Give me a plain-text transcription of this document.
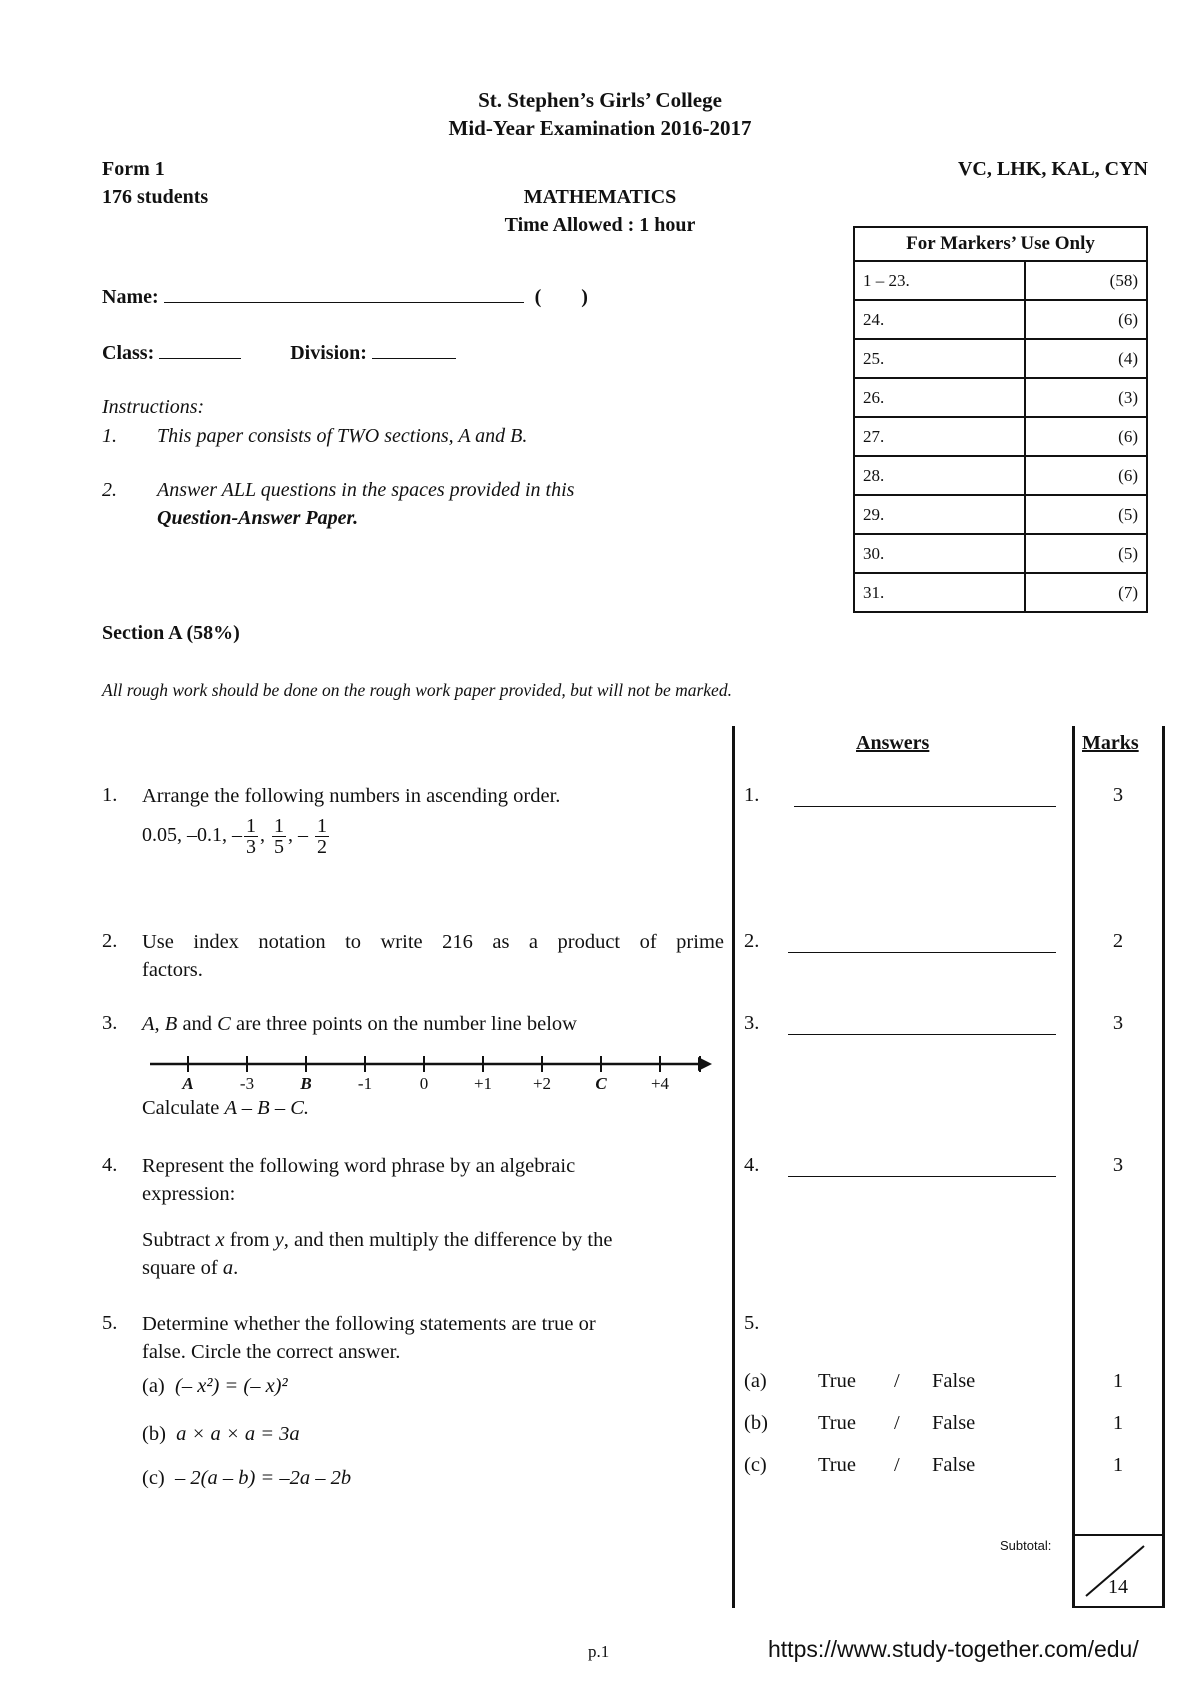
St. Stephen’s Girls’ College
Mid-Year Examination 2016-2017
Form 1
176 students
VC, LHK, KAL, CYN
MATHEMATICS
Time Allowed : 1 hour
Name:	(        )
Class:	Division:
Instructions:
1. This paper consists of TWO sections, A and B.
2. Answer ALL questions in the spaces provided in this
Question-Answer Paper.
For Markers’ Use Only	
1 – 23.	(58)
24.	(6)
25.	(4)
26.	(3)
27.	(6)
28.	(6)
29.	(5)
30.	(5)
31.	(7)
Section A (58%)
All rough work should be done on the rough work paper provided, but will not be marked.
Answers	Marks
1. Arrange the following numbers in ascending order.
0.05, –0.1, – $\frac{1}{3}$ , $\frac{1}{5}$ , – $\frac{1}{2}$
1.	3
2. Use index notation to write 216 as a product of prime
factors.
2.	2
3. A, B and C are three points on the number line below
A	-3	B	-1	0	+1	+2	C	+4
Calculate A – B – C.
3.	3
4. Represent the following word phrase by an algebraic
expression:
Subtract x from y, and then multiply the difference by the
square of a.
4.	3
5. Determine whether the following statements are true or
false. Circle the correct answer.
5.
(a) (– x²) = (– x)²
(b) a × a × a = 3a
(c) – 2(a – b) = –2a – 2b
(a) True / False	1
(b) True / False	1
(c) True / False	1
Subtotal:
14
p.1	https://www.study-together.com/edu/
